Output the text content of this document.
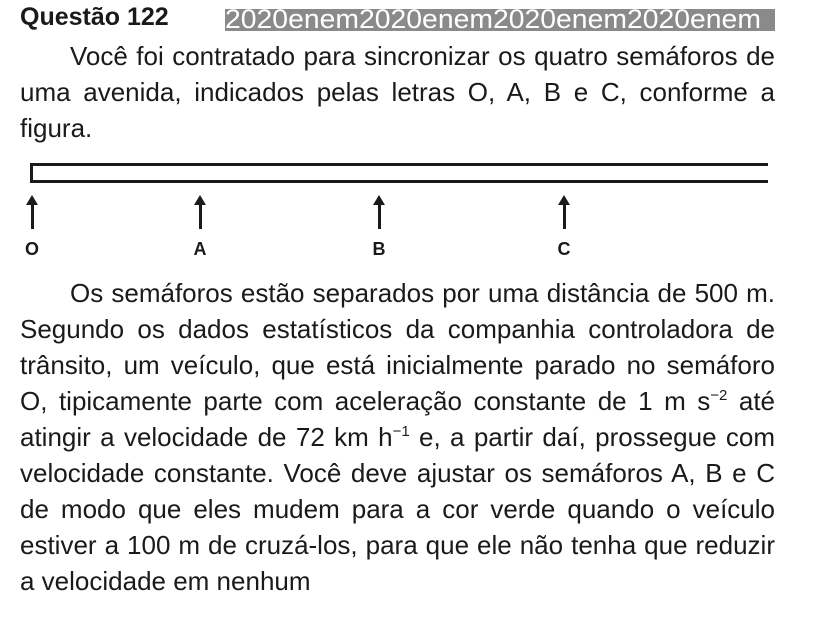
Questão 122 2020enem2020enem2020enem2020enem

Você foi contratado para sincronizar os quatro semáforos de uma avenida, indicados pelas letras O, A, B e C, conforme a figura.

O	A	B	C

Os semáforos estão separados por uma distância de 500 m. Segundo os dados estatísticos da companhia controladora de trânsito, um veículo, que está inicialmente parado no semáforo O, tipicamente parte com aceleração constante de 1 m $s^{-2}$ até atingir a velocidade de 72 km $h^{-1}$ e, a partir daí, prossegue com velocidade constante. Você deve ajustar os semáforos A, B e C de modo que eles mudem para a cor verde quando o veículo estiver a 100 m de cruzá-los, para que ele não tenha que reduzir a velocidade em nenhum
